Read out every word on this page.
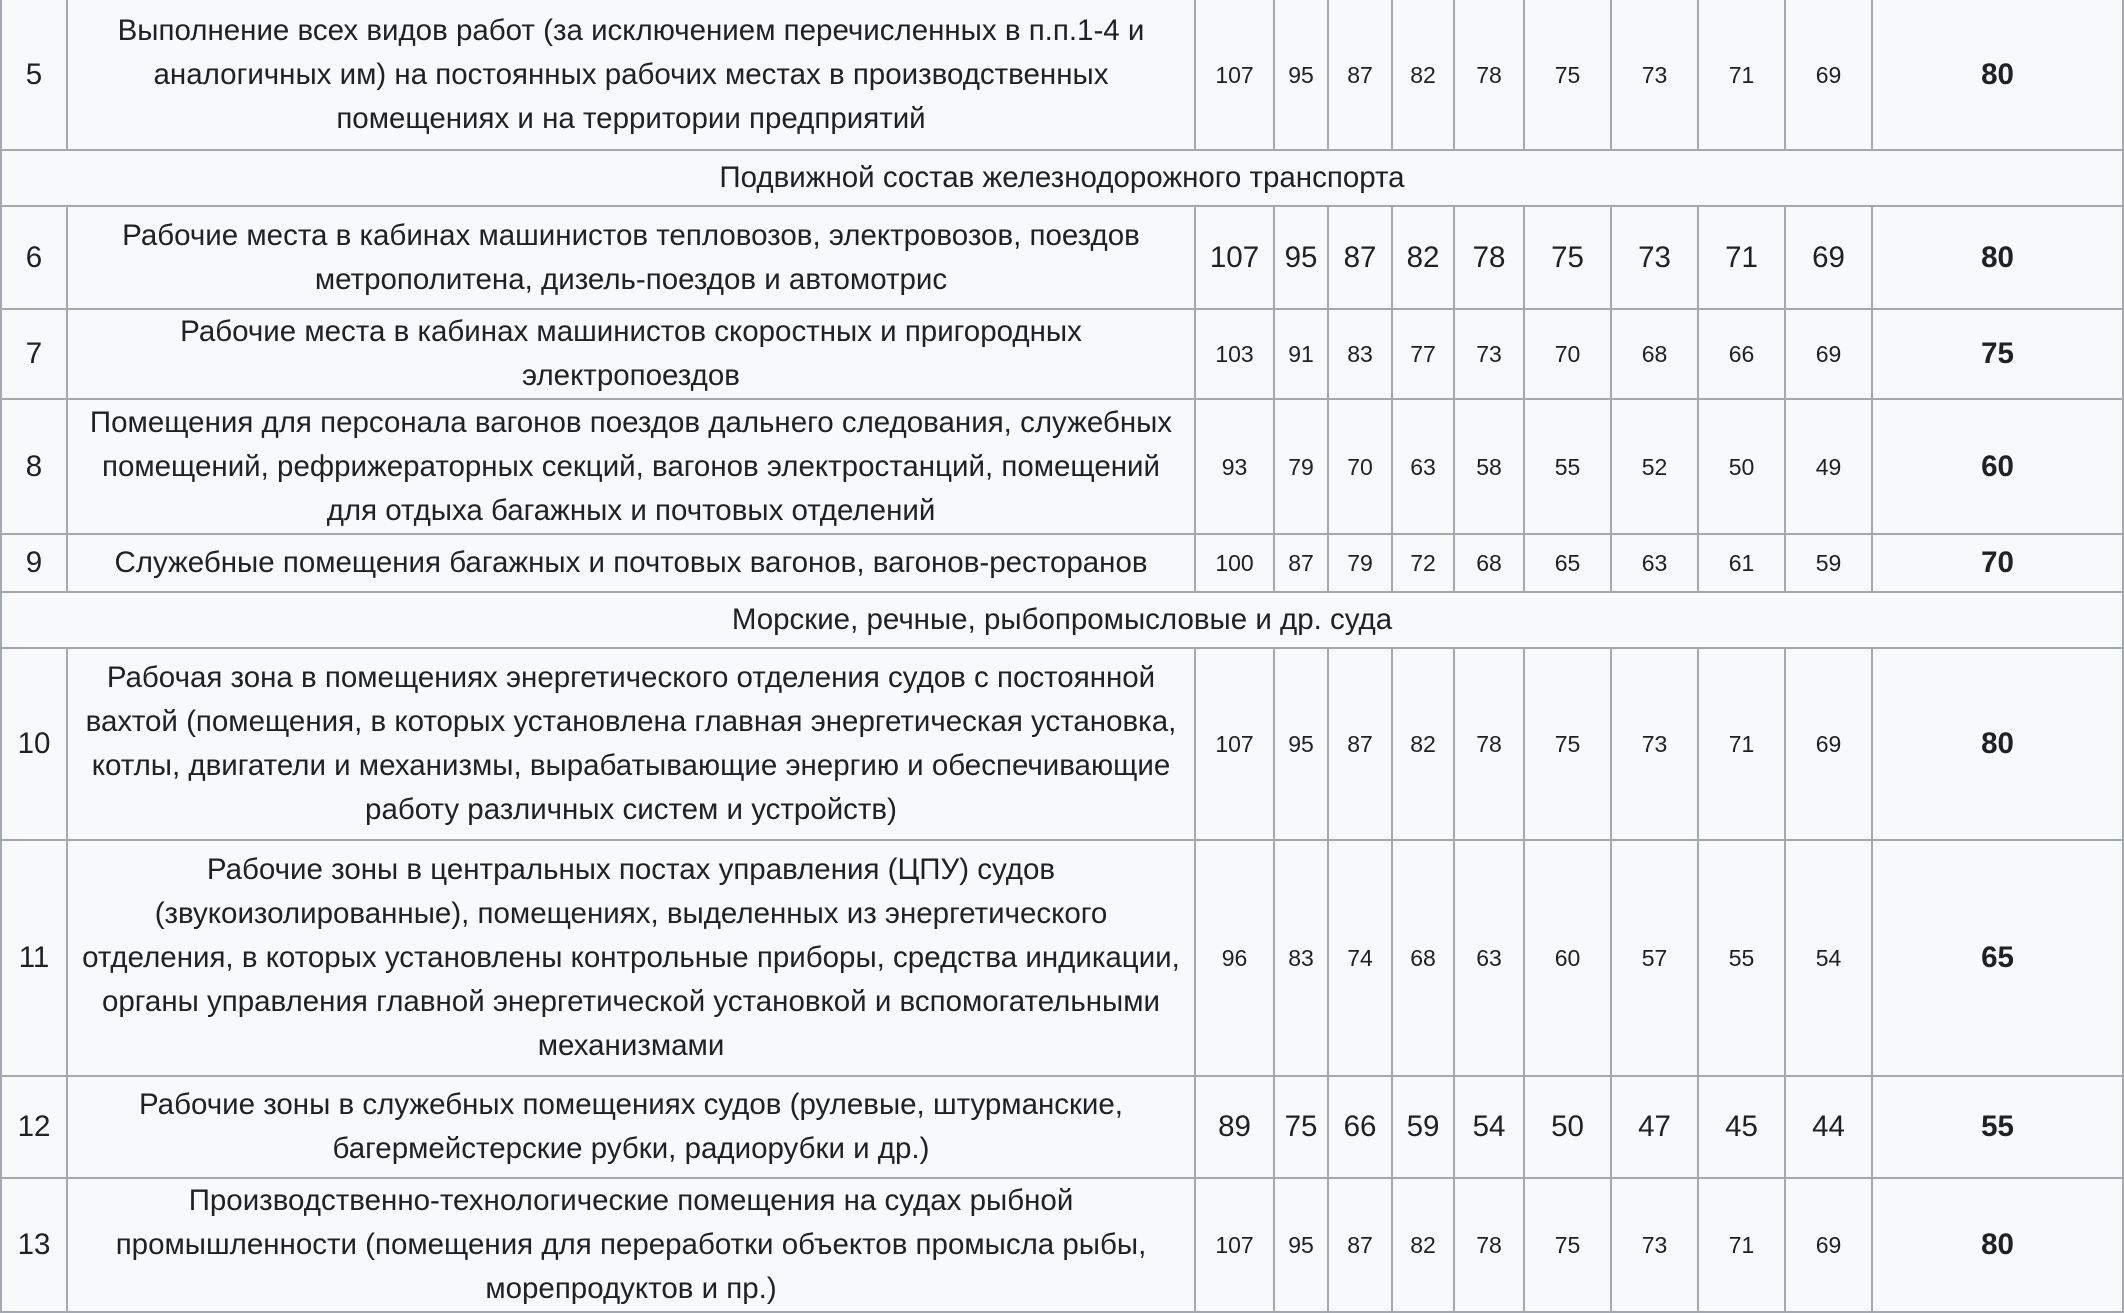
5	Выполнение всех видов работ (за исключением перечисленных в п.п.1-4 и аналогичных им) на постоянных рабочих местах в производственных помещениях и на территории предприятий	107	95	87	82	78	75	73	71	69	80
Подвижной состав железнодорожного транспорта											
6	Рабочие места в кабинах машинистов тепловозов, электровозов, поездов метрополитена, дизель-поездов и автомотрис	107	95	87	82	78	75	73	71	69	80
7	Рабочие места в кабинах машинистов скоростных и пригородных электропоездов	103	91	83	77	73	70	68	66	69	75
8	Помещения для персонала вагонов поездов дальнего следования, служебных помещений, рефрижераторных секций, вагонов электростанций, помещений для отдыха багажных и почтовых отделений	93	79	70	63	58	55	52	50	49	60
9	Служебные помещения багажных и почтовых вагонов, вагонов-ресторанов	100	87	79	72	68	65	63	61	59	70
Морские, речные, рыбопромысловые и др. суда											
10	Рабочая зона в помещениях энергетического отделения судов с постоянной вахтой (помещения, в которых установлена главная энергетическая установка, котлы, двигатели и механизмы, вырабатывающие энергию и обеспечивающие работу различных систем и устройств)	107	95	87	82	78	75	73	71	69	80
11	Рабочие зоны в центральных постах управления (ЦПУ) судов (звукоизолированные), помещениях, выделенных из энергетического отделения, в которых установлены контрольные приборы, средства индикации, органы управления главной энергетической установкой и вспомогательными механизмами	96	83	74	68	63	60	57	55	54	65
12	Рабочие зоны в служебных помещениях судов (рулевые, штурманские, багермейстерские рубки, радиорубки и др.)	89	75	66	59	54	50	47	45	44	55
13	Производственно-технологические помещения на судах рыбной промышленности (помещения для переработки объектов промысла рыбы, морепродуктов и пр.)	107	95	87	82	78	75	73	71	69	80
